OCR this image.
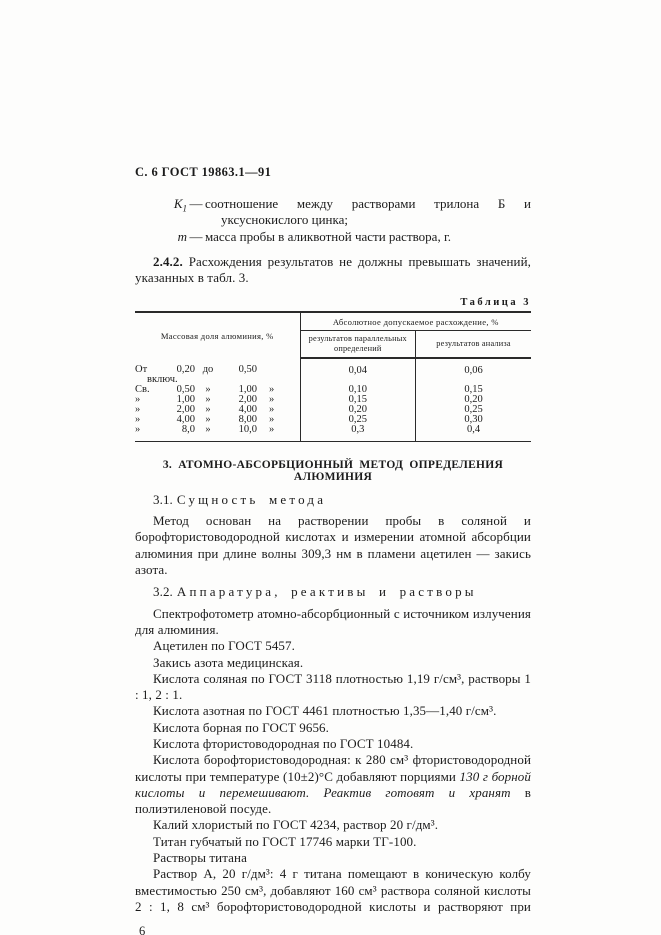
С. 6 ГОСТ 19863.1—91
$К_1$ — соотношение между растворами трилона Б и уксуснокислого цинка;
m — масса пробы в аликвотной части раствора, г.

2.4.2. Расхождения результатов не должны превышать значений, указанных в табл. 3.

Таблица 3
Массовая доля алюминия, %	Абсолютное допускаемое расхождение, %	
	результатов параллельных определений	результатов анализа
От 0,20 до 0,50включ.	0,04	0,06
Св. 0,50 » 1,00 »	0,10	0,15
» 1,00 » 2,00 »	0,15	0,20
» 2,00 » 4,00 »	0,20	0,25
» 4,00 » 8,00 »	0,25	0,30
» 8,0 » 10,0 »	0,3	0,4
3. АТОМНО-АБСОРБЦИОННЫЙ МЕТОД ОПРЕДЕЛЕНИЯ АЛЮМИНИЯ

3.1. Сущность метода

Метод основан на растворении пробы в соляной и борофтористоводородной кислотах и измерении атомной абсорбции алюминия при длине волны 309,3 нм в пламени ацетилен — закись азота.

3.2. Аппаратура, реактивы и растворы

Спектрофотометр атомно-абсорбционный с источником излучения для алюминия.

Ацетилен по ГОСТ 5457.

Закись азота медицинская.

Кислота соляная по ГОСТ 3118 плотностью 1,19 г/см³, растворы 1 : 1, 2 : 1.

Кислота азотная по ГОСТ 4461 плотностью 1,35—1,40 г/см³.

Кислота борная по ГОСТ 9656.

Кислота фтористоводородная по ГОСТ 10484.

Кислота борофтористоводородная: к 280 см³ фтористоводородной кислоты при температуре (10±2)°С добавляют порциями 130 г борной кислоты и перемешивают. Реактив готовят и хранят в полиэтиленовой посуде.

Калий хлористый по ГОСТ 4234, раствор 20 г/дм³.

Титан губчатый по ГОСТ 17746 марки ТГ-100.

Растворы титана

Раствор А, 20 г/дм³: 4 г титана помещают в коническую колбу вместимостью 250 см³, добавляют 160 см³ раствора соляной кислоты 2 : 1, 8 см³ борофтористоводородной кислоты и растворяют при

6
